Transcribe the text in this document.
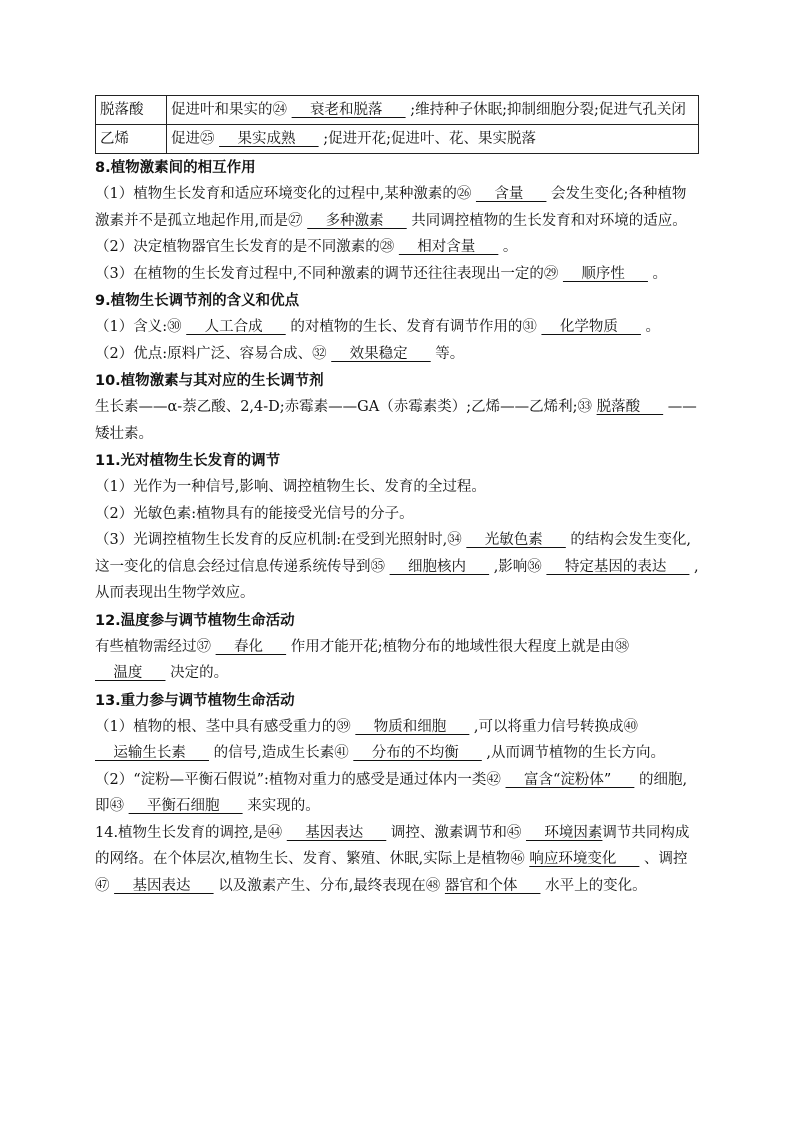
脱落酸	促进叶和果实的㉔     衰老和脱落      ;维持种子休眠;抑制细胞分裂;促进气孔关闭
乙烯	促进㉕     果实成熟      ;促进开花;促进叶、花、果实脱落
8.植物激素间的相互作用

（1）植物生长发育和适应环境变化的过程中,某种激素的㉖     含量      会发生变化;各种植物激素并不是孤立地起作用,而是㉗     多种激素      共同调控植物的生长发育和对环境的适应。

（2）决定植物器官生长发育的是不同激素的㉘     相对含量      。

（3）在植物的生长发育过程中,不同种激素的调节还往往表现出一定的㉙     顺序性      。

9.植物生长调节剂的含义和优点

（1）含义:㉚     人工合成      的对植物的生长、发育有调节作用的㉛     化学物质      。

（2）优点:原料广泛、容易合成、㉜     效果稳定      等。

10.植物激素与其对应的生长调节剂

生长素——α-萘乙酸、2,4-D;赤霉素——GA（赤霉素类）;乙烯——乙烯利;㉝ 脱落酸      ——矮壮素。

11.光对植物生长发育的调节

（1）光作为一种信号,影响、调控植物生长、发育的全过程。

（2）光敏色素:植物具有的能接受光信号的分子。

（3）光调控植物生长发育的反应机制:在受到光照射时,㉞     光敏色素      的结构会发生变化,这一变化的信息会经过信息传递系统传导到㉟     细胞核内      ,影响㊱     特定基因的表达      ,从而表现出生物学效应。

12.温度参与调节植物生命活动

有些植物需经过㊲     春化      作用才能开花;植物分布的地域性很大程度上就是由㊳     温度      决定的。

13.重力参与调节植物生命活动

（1）植物的根、茎中具有感受重力的㊴     物质和细胞      ,可以将重力信号转换成㊵     运输生长素      的信号,造成生长素㊶     分布的不均衡      ,从而调节植物的生长方向。

（2）“淀粉—平衡石假说”:植物对重力的感受是通过体内一类㊷     富含“淀粉体”      的细胞,即㊸     平衡石细胞      来实现的。

14.植物生长发育的调控,是㊹     基因表达      调控、激素调节和㊺     环境因素调节共同构成的网络。在个体层次,植物生长、发育、繁殖、休眠,实际上是植物㊻ 响应环境变化      、调控㊼     基因表达      以及激素产生、分布,最终表现在㊽ 器官和个体      水平上的变化。
